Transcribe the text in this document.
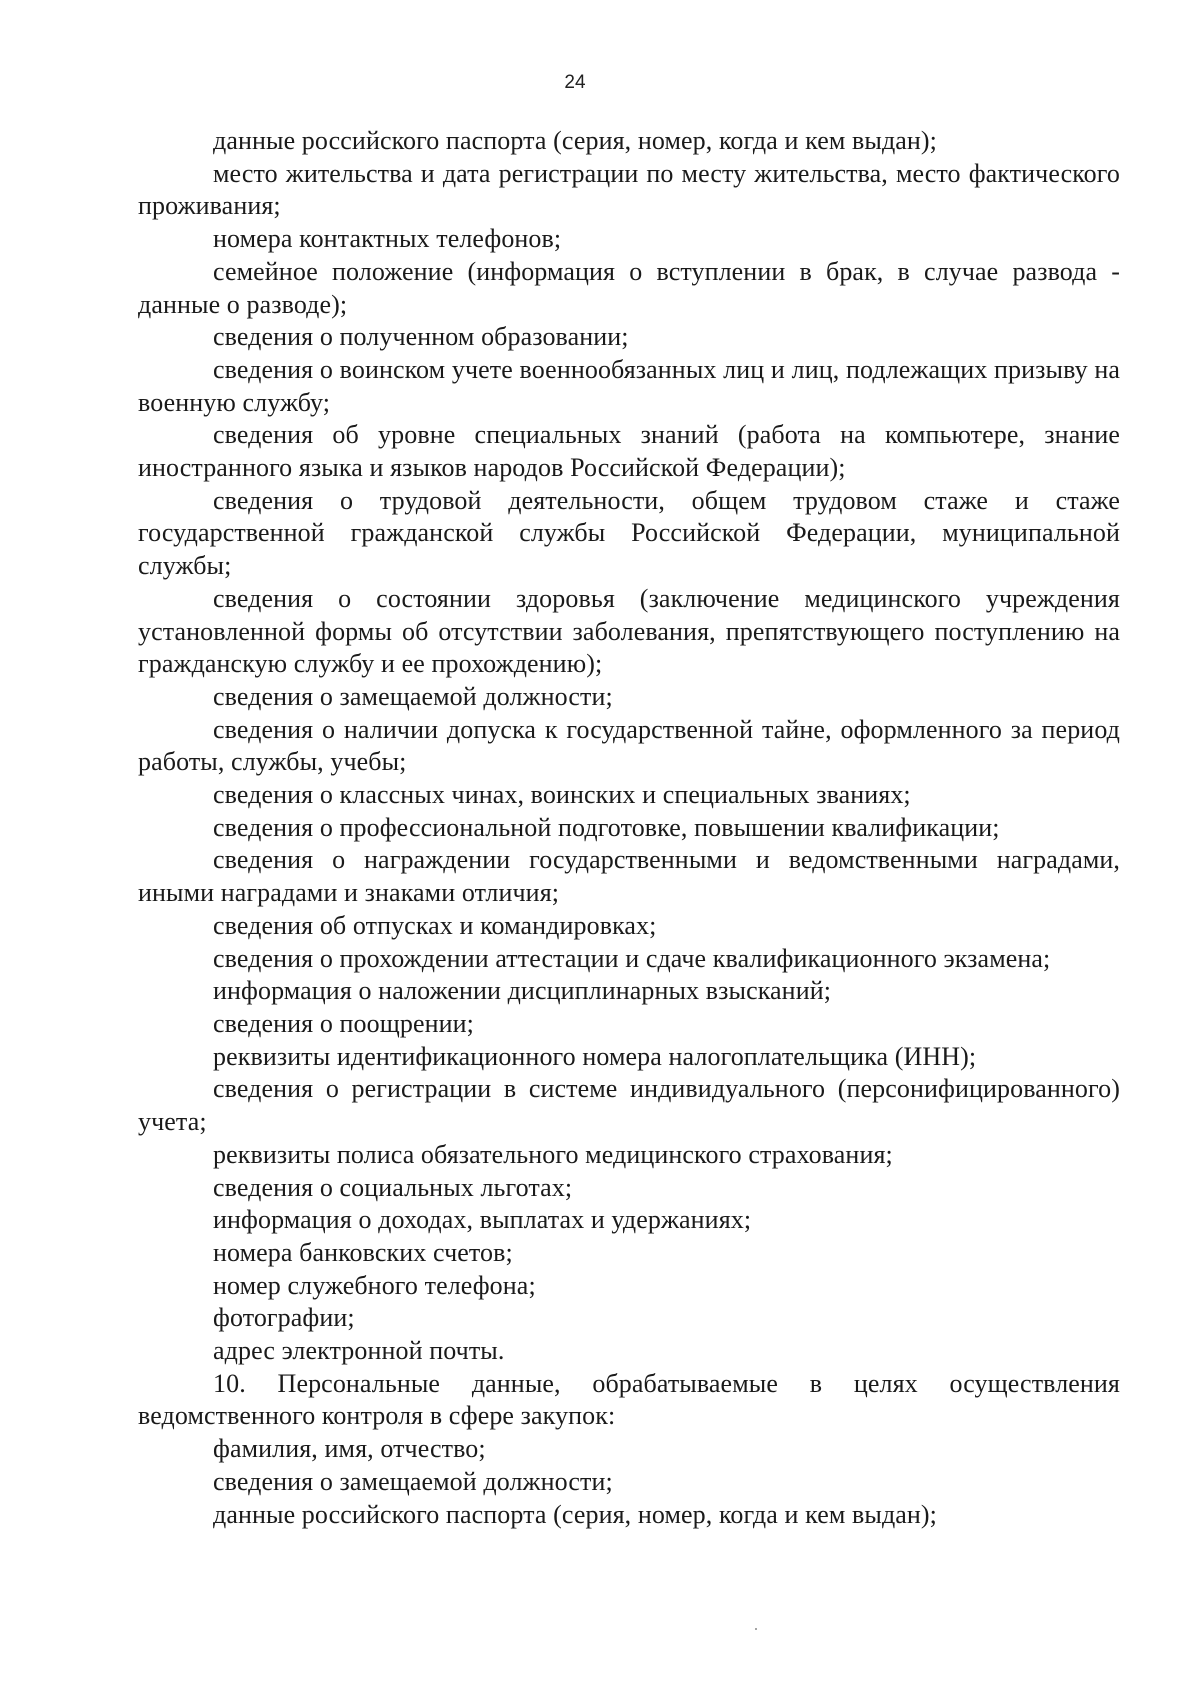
24

данные российского паспорта (серия, номер, когда и кем выдан);

место жительства и дата регистрации по месту жительства, место фактического проживания;

номера контактных телефонов;

семейное положение (информация о вступлении в брак, в случае развода - данные о разводе);

сведения о полученном образовании;

сведения о воинском учете военнообязанных лиц и лиц, подлежащих призыву на военную службу;

сведения об уровне специальных знаний (работа на компьютере, знание иностранного языка и языков народов Российской Федерации);

сведения о трудовой деятельности, общем трудовом стаже и стаже государственной гражданской службы Российской Федерации, муниципальной службы;

сведения о состоянии здоровья (заключение медицинского учреждения установленной формы об отсутствии заболевания, препятствующего поступлению на гражданскую службу и ее прохождению);

сведения о замещаемой должности;

сведения о наличии допуска к государственной тайне, оформленного за период работы, службы, учебы;

сведения о классных чинах, воинских и специальных званиях;

сведения о профессиональной подготовке, повышении квалификации;

сведения о награждении государственными и ведомственными наградами, иными наградами и знаками отличия;

сведения об отпусках и командировках;

сведения о прохождении аттестации и сдаче квалификационного экзамена;

информация о наложении дисциплинарных взысканий;

сведения о поощрении;

реквизиты идентификационного номера налогоплательщика (ИНН);

сведения о регистрации в системе индивидуального (персонифицированного) учета;

реквизиты полиса обязательного медицинского страхования;

сведения о социальных льготах;

информация о доходах, выплатах и удержаниях;

номера банковских счетов;

номер служебного телефона;

фотографии;

адрес электронной почты.

10. Персональные данные, обрабатываемые в целях осуществления ведомственного контроля в сфере закупок:

фамилия, имя, отчество;

сведения о замещаемой должности;

данные российского паспорта (серия, номер, когда и кем выдан);
